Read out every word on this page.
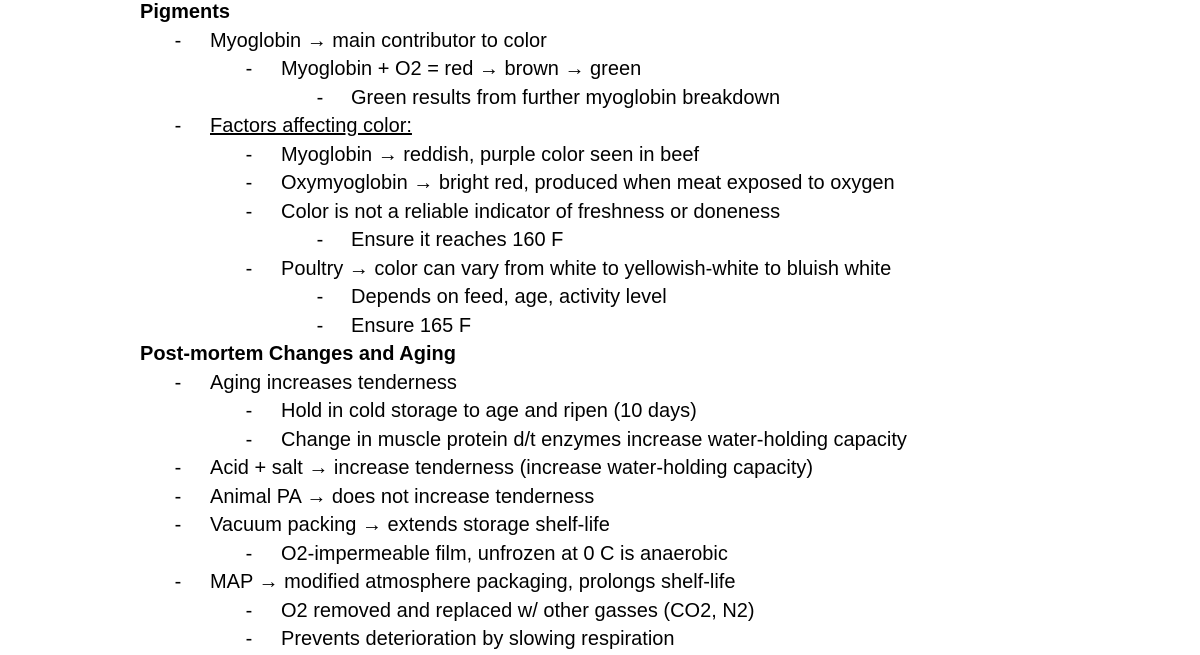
Pigments
- Myoglobin → main contributor to color
- Myoglobin + O2 = red → brown → green
- Green results from further myoglobin breakdown
- Factors affecting color:
- Myoglobin → reddish, purple color seen in beef
- Oxymyoglobin → bright red, produced when meat exposed to oxygen
- Color is not a reliable indicator of freshness or doneness
- Ensure it reaches 160 F
- Poultry → color can vary from white to yellowish-white to bluish white
- Depends on feed, age, activity level
- Ensure 165 F
Post-mortem Changes and Aging
- Aging increases tenderness
- Hold in cold storage to age and ripen (10 days)
- Change in muscle protein d/t enzymes increase water-holding capacity
- Acid + salt → increase tenderness (increase water-holding capacity)
- Animal PA → does not increase tenderness
- Vacuum packing → extends storage shelf-life
- O2-impermeable film, unfrozen at 0 C is anaerobic
- MAP → modified atmosphere packaging, prolongs shelf-life
- O2 removed and replaced w/ other gasses (CO2, N2)
- Prevents deterioration by slowing respiration
